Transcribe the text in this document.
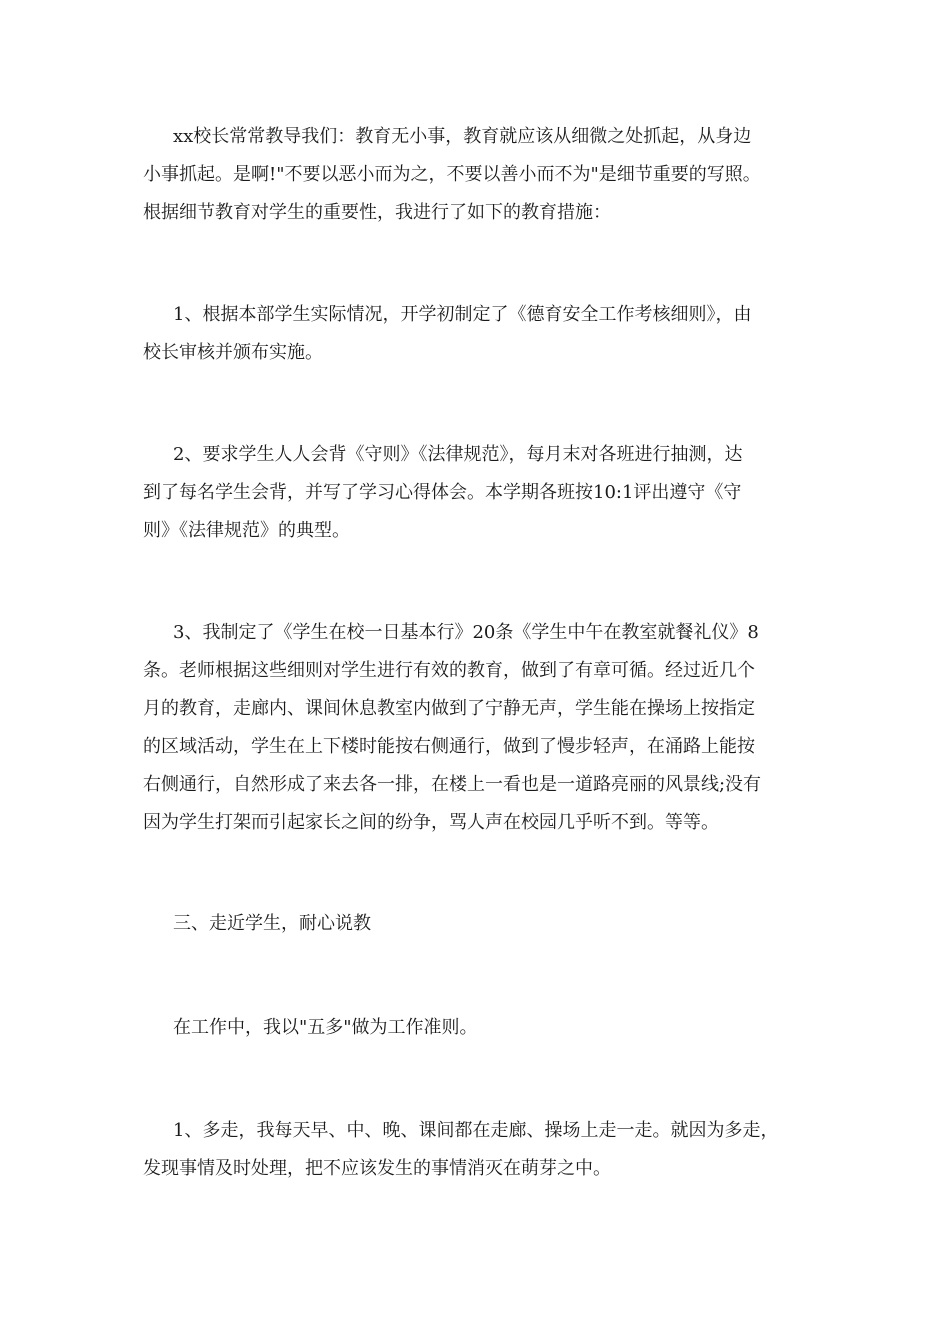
xx校长常常教导我们：教育无小事，教育就应该从细微之处抓起，从身边
小事抓起。是啊!"不要以恶小而为之，不要以善小而不为"是细节重要的写照。
根据细节教育对学生的重要性，我进行了如下的教育措施：
1、根据本部学生实际情况，开学初制定了《德育安全工作考核细则》，由
校长审核并颁布实施。
2、要求学生人人会背《守则》《法律规范》，每月末对各班进行抽测，达
到了每名学生会背，并写了学习心得体会。本学期各班按10:1评出遵守《守
则》《法律规范》的典型。
3、我制定了《学生在校一日基本行》20条《学生中午在教室就餐礼仪》8
条。老师根据这些细则对学生进行有效的教育，做到了有章可循。经过近几个
月的教育，走廊内、课间休息教室内做到了宁静无声，学生能在操场上按指定
的区域活动，学生在上下楼时能按右侧通行，做到了慢步轻声，在涌路上能按
右侧通行，自然形成了来去各一排，在楼上一看也是一道路亮丽的风景线;没有
因为学生打架而引起家长之间的纷争，骂人声在校园几乎听不到。等等。
三、走近学生，耐心说教
在工作中，我以"五多"做为工作准则。
1、多走，我每天早、中、晚、课间都在走廊、操场上走一走。就因为多走，
发现事情及时处理，把不应该发生的事情消灭在萌芽之中。
